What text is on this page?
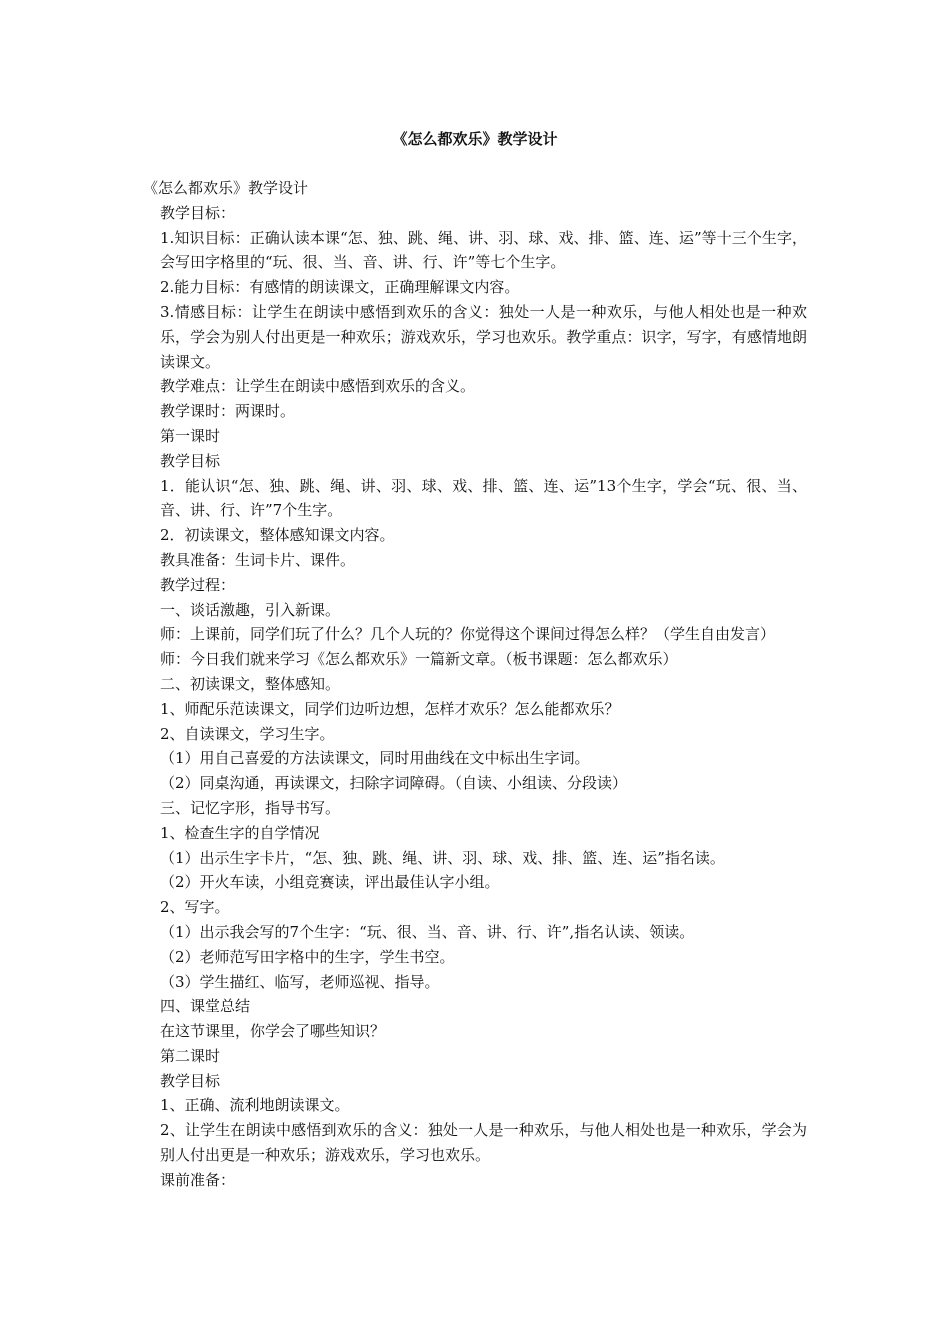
《怎么都欢乐》教学设计

《怎么都欢乐》教学设计

教学目标：

1.知识目标：正确认读本课“怎、独、跳、绳、讲、羽、球、戏、排、篮、连、运”等十三个生字，会写田字格里的“玩、很、当、音、讲、行、许”等七个生字。

2.能力目标：有感情的朗读课文，正确理解课文内容。

3.情感目标：让学生在朗读中感悟到欢乐的含义：独处一人是一种欢乐，与他人相处也是一种欢乐，学会为别人付出更是一种欢乐；游戏欢乐，学习也欢乐。教学重点：识字，写字，有感情地朗读课文。

教学难点：让学生在朗读中感悟到欢乐的含义。

教学课时：两课时。

第一课时

教学目标

1．能认识“怎、独、跳、绳、讲、羽、球、戏、排、篮、连、运”13个生字，学会“玩、很、当、音、讲、行、许”7个生字。

2．初读课文，整体感知课文内容。

教具准备：生词卡片、课件。

教学过程：

一、谈话激趣，引入新课。

师：上课前，同学们玩了什么？几个人玩的？你觉得这个课间过得怎么样？（学生自由发言）

师：今日我们就来学习《怎么都欢乐》一篇新文章。（板书课题：怎么都欢乐）

二、初读课文，整体感知。

1、师配乐范读课文，同学们边听边想，怎样才欢乐？怎么能都欢乐？

2、自读课文，学习生字。

（1）用自己喜爱的方法读课文，同时用曲线在文中标出生字词。

（2）同桌沟通，再读课文，扫除字词障碍。（自读、小组读、分段读）

三、记忆字形，指导书写。

1、检查生字的自学情况

（1）出示生字卡片，“怎、独、跳、绳、讲、羽、球、戏、排、篮、连、运”指名读。

（2）开火车读，小组竞赛读，评出最佳认字小组。

2、写字。

（1）出示我会写的7个生字：“玩、很、当、音、讲、行、许”,指名认读、领读。

（2）老师范写田字格中的生字，学生书空。

（3）学生描红、临写，老师巡视、指导。

四、课堂总结

在这节课里，你学会了哪些知识？

第二课时

教学目标

1、正确、流利地朗读课文。

2、让学生在朗读中感悟到欢乐的含义：独处一人是一种欢乐，与他人相处也是一种欢乐，学会为别人付出更是一种欢乐；游戏欢乐，学习也欢乐。

课前准备：
